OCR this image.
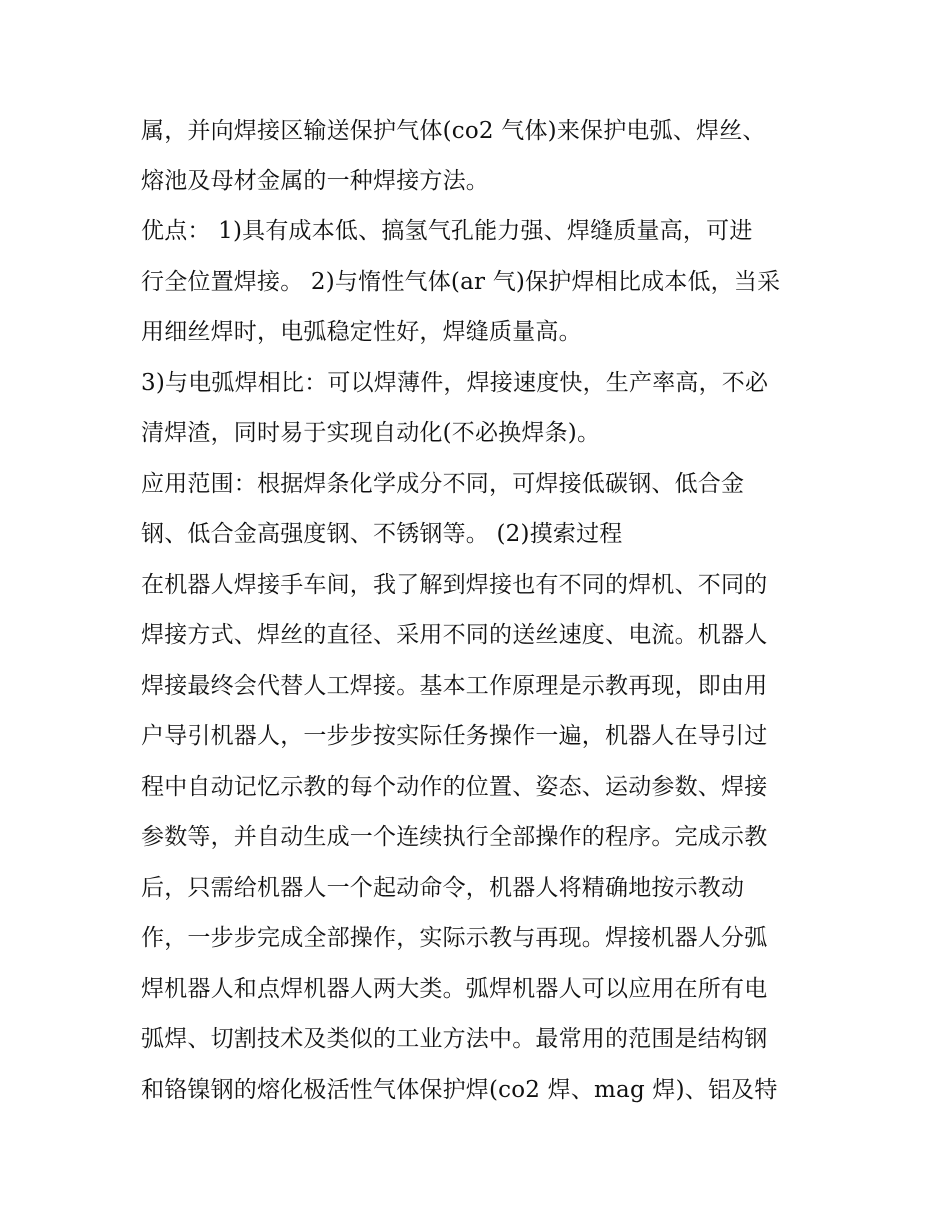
属，并向焊接区输送保护气体(co2 气体)来保护电弧、焊丝、
熔池及母材金属的一种焊接方法。
优点： 1)具有成本低、搞氢气孔能力强、焊缝质量高，可进
行全位置焊接。 2)与惰性气体(ar 气)保护焊相比成本低，当采
用细丝焊时，电弧稳定性好，焊缝质量高。
3)与电弧焊相比：可以焊薄件，焊接速度快，生产率高，不必
清焊渣，同时易于实现自动化(不必换焊条)。
应用范围：根据焊条化学成分不同，可焊接低碳钢、低合金
钢、低合金高强度钢、不锈钢等。 (2)摸索过程
在机器人焊接手车间，我了解到焊接也有不同的焊机、不同的
焊接方式、焊丝的直径、采用不同的送丝速度、电流。机器人
焊接最终会代替人工焊接。基本工作原理是示教再现，即由用
户导引机器人，一步步按实际任务操作一遍，机器人在导引过
程中自动记忆示教的每个动作的位置、姿态、运动参数、焊接
参数等，并自动生成一个连续执行全部操作的程序。完成示教
后，只需给机器人一个起动命令，机器人将精确地按示教动
作，一步步完成全部操作，实际示教与再现。焊接机器人分弧
焊机器人和点焊机器人两大类。弧焊机器人可以应用在所有电
弧焊、切割技术及类似的工业方法中。最常用的范围是结构钢
和铬镍钢的熔化极活性气体保护焊(co2 焊、mag 焊)、铝及特
